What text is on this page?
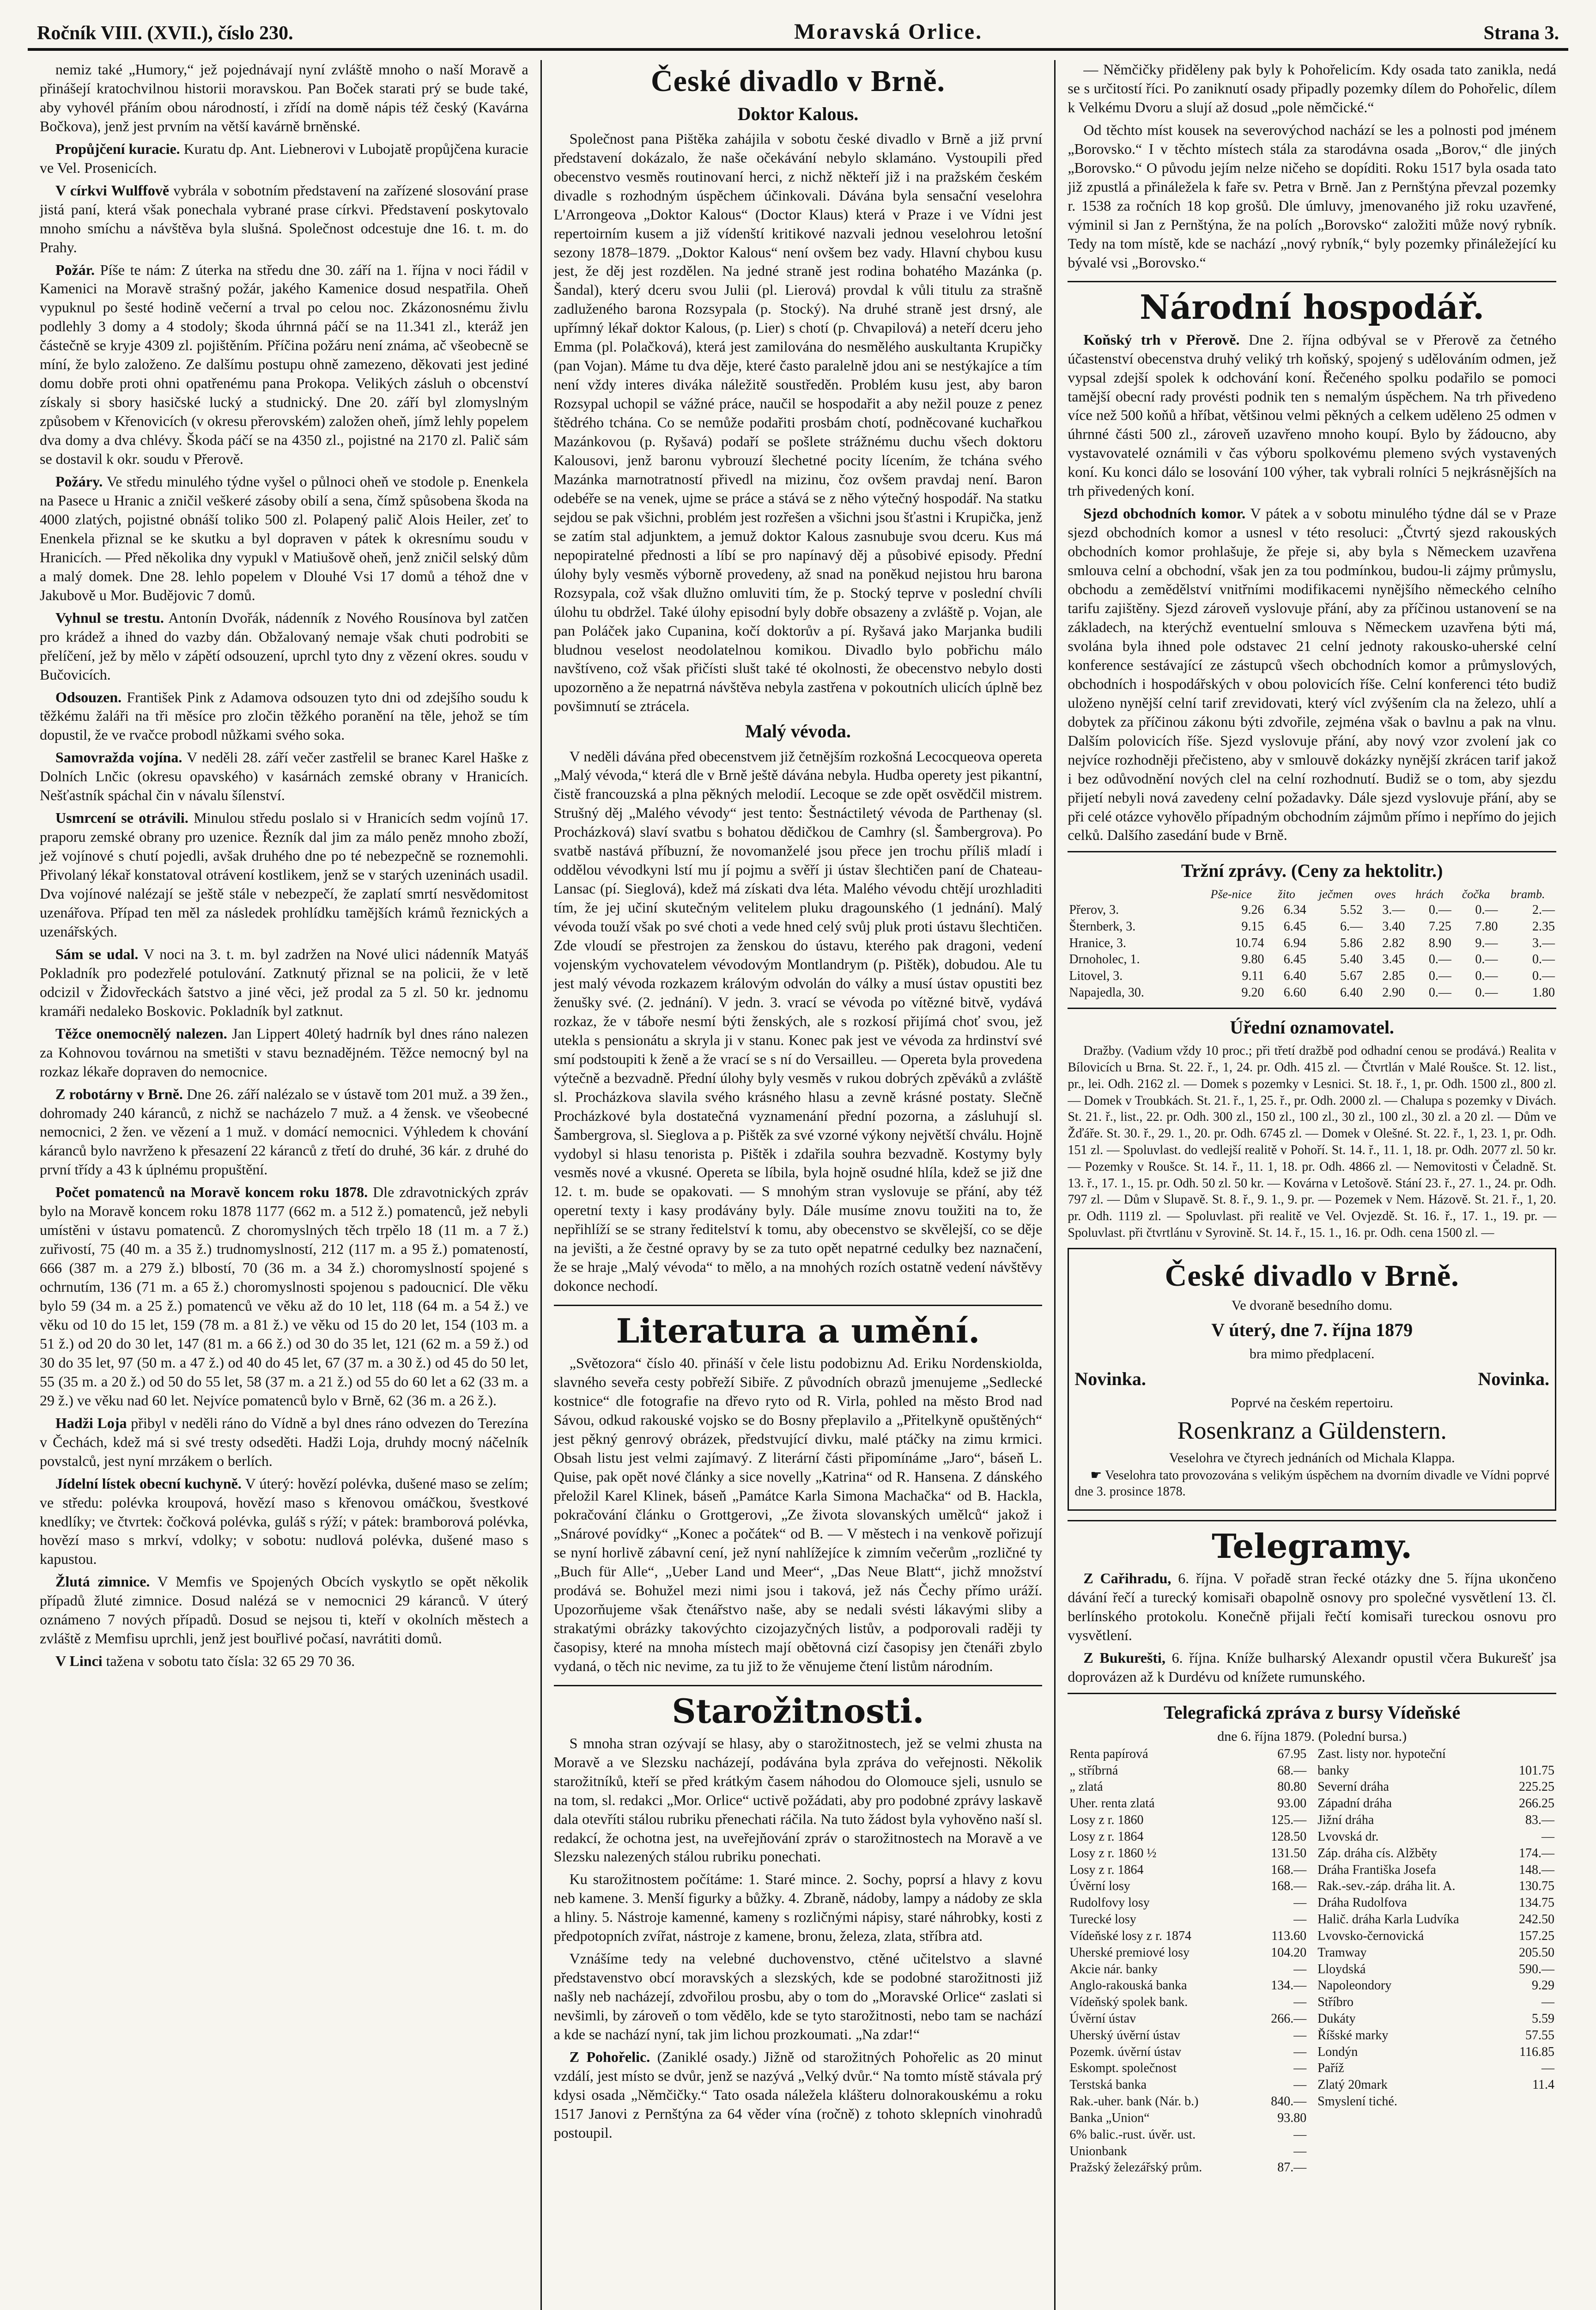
Ročník VIII. (XVII.), číslo 230.	Moravská Orlice.	Strana 3.

nemiz také „Humory,“ jež pojednávají nyní zvláště mnoho o naší Moravě a přinášejí kratochvilnou historii moravskou. Pan Boček starati prý se bude také, aby vyhovél přáním obou národností, i zřídí na domě nápis též český (Kavárna Bočkova), jenž jest prvním na větší kavárně brněnské.

Propůjčení kuracie. Kuratu dp. Ant. Liebnerovi v Lubojatě propůjčena kuracie ve Vel. Prosenicích.

V církvi Wulffově vybrála v sobotním představení na zařízené slosování prase jistá paní, která však ponechala vybrané prase církvi. Představení poskytovalo mnoho smíchu a návštěva byla slušná. Společnost odcestuje dne 16. t. m. do Prahy.

Požár. Píše te nám: Z úterka na středu dne 30. září na 1. října v noci řádil v Kamenici na Moravě strašný požár, jakého Kamenice dosud nespatřila. Oheň vypuknul po šesté hodině večerní a trval po celou noc. Zkázonosnému živlu podlehly 3 domy a 4 stodoly; škoda úhrnná páčí se na 11.341 zl., kteráž jen částečně se kryje 4309 zl. pojištěním. Příčina požáru není známa, ač všeobecně se míní, že bylo založeno. Ze dalšímu postupu ohně zamezeno, děkovati jest jediné domu dobře proti ohni opatřenému pana Prokopa. Velikých zásluh o obcenství získaly si sbory hasičské lucký a studnický. Dne 20. září byl zlomyslným způsobem v Křenovicích (v okresu přerovském) založen oheň, jímž lehly popelem dva domy a dva chlévy. Škoda páčí se na 4350 zl., pojistné na 2170 zl. Palič sám se dostavil k okr. soudu v Přerově.

Požáry. Ve středu minulého týdne vyšel o půlnoci oheň ve stodole p. Enenkela na Pasece u Hranic a zničil veškeré zásoby obilí a sena, čímž spůsobena škoda na 4000 zlatých, pojistné obnáší toliko 500 zl. Polapený palič Alois Heiler, zeť to Enenkela přiznal se ke skutku a byl dopraven v pátek k okresnímu soudu v Hranicích. — Před několika dny vypukl v Matiušově oheň, jenž zničil selský dům a malý domek. Dne 28. lehlo popelem v Dlouhé Vsi 17 domů a téhož dne v Jakubově u Mor. Budějovic 7 domů.

Vyhnul se trestu. Antonín Dvořák, nádenník z Nového Rousínova byl zatčen pro krádež a ihned do vazby dán. Obžalovaný nemaje však chuti podrobiti se přelíčení, jež by mělo v zápětí odsouzení, uprchl tyto dny z vězení okres. soudu v Bučovicích.

Odsouzen. František Pink z Adamova odsouzen tyto dni od zdejšího soudu k těžkému žaláři na tři měsíce pro zločin těžkého poranění na těle, jehož se tím dopustil, že ve rvačce probodl nůžkami svého soka.

Samovražda vojína. V neděli 28. září večer zastřelil se branec Karel Haške z Dolních Lnčic (okresu opavského) v kasárnách zemské obrany v Hranicích. Nešťastník spáchal čin v návalu šílenství.

Usmrcení se otrávili. Minulou středu poslalo si v Hranicích sedm vojínů 17. praporu zemské obrany pro uzenice. Řezník dal jim za málo peněz mnoho zboží, jež vojínové s chutí pojedli, avšak druhého dne po té nebezpečně se roznemohli. Přivolaný lékař konstatoval otrávení kostlikem, jenž se v starých uzeninách usadil. Dva vojínové nalézají se ještě stále v nebezpečí, že zaplatí smrtí nesvědomitost uzenářova. Případ ten měl za následek prohlídku tamějších krámů řeznických a uzenářských.

Sám se udal. V noci na 3. t. m. byl zadržen na Nové ulici nádenník Matyáš Pokladník pro podezřelé potulování. Zatknutý přiznal se na policii, že v letě odcizil v Židovřeckách šatstvo a jiné věci, jež prodal za 5 zl. 50 kr. jednomu kramáři nedaleko Boskovic. Pokladník byl zatknut.

Těžce onemocnělý nalezen. Jan Lippert 40letý hadrník byl dnes ráno nalezen za Kohnovou továrnou na smetišti v stavu beznadějném. Těžce nemocný byl na rozkaz lékaře dopraven do nemocnice.

Z robotárny v Brně. Dne 26. září nalézalo se v ústavě tom 201 muž. a 39 žen., dohromady 240 káranců, z nichž se nacházelo 7 muž. a 4 žensk. ve všeobecné nemocnici, 2 žen. ve vězení a 1 muž. v domácí nemocnici. Výhledem k chování káranců bylo navrženo k přesazení 22 káranců z třetí do druhé, 36 kár. z druhé do první třídy a 43 k úplnému propuštění.

Počet pomatenců na Moravě koncem roku 1878. Dle zdravotnických zpráv bylo na Moravě koncem roku 1878 1177 (662 m. a 512 ž.) pomatenců, jež nebyli umístěni v ústavu pomatenců. Z choromyslných těch trpělo 18 (11 m. a 7 ž.) zuřivostí, 75 (40 m. a 35 ž.) trudnomyslností, 212 (117 m. a 95 ž.) pomateností, 666 (387 m. a 279 ž.) blbostí, 70 (36 m. a 34 ž.) choromyslností spojené s ochrnutím, 136 (71 m. a 65 ž.) choromyslnosti spojenou s padoucnicí. Dle věku bylo 59 (34 m. a 25 ž.) pomatenců ve věku až do 10 let, 118 (64 m. a 54 ž.) ve věku od 10 do 15 let, 159 (78 m. a 81 ž.) ve věku od 15 do 20 let, 154 (103 m. a 51 ž.) od 20 do 30 let, 147 (81 m. a 66 ž.) od 30 do 35 let, 121 (62 m. a 59 ž.) od 30 do 35 let, 97 (50 m. a 47 ž.) od 40 do 45 let, 67 (37 m. a 30 ž.) od 45 do 50 let, 55 (35 m. a 20 ž.) od 50 do 55 let, 58 (37 m. a 21 ž.) od 55 do 60 let a 62 (33 m. a 29 ž.) ve věku nad 60 let. Nejvíce pomatenců bylo v Brně, 62 (36 m. a 26 ž.).

Hadži Loja přibyl v neděli ráno do Vídně a byl dnes ráno odvezen do Terezína v Čechách, kdež má si své tresty odseděti. Hadži Loja, druhdy mocný náčelník povstalců, jest nyní mrzákem o berlích.

Jídelní lístek obecní kuchyně. V úterý: hovězí polévka, dušené maso se zelím; ve středu: polévka kroupová, hovězí maso s křenovou omáčkou, švestkové knedlíky; ve čtvrtek: čočková polévka, guláš s rýží; v pátek: bramborová polévka, hovězí maso s mrkví, vdolky; v sobotu: nudlová polévka, dušené maso s kapustou.

Žlutá zimnice. V Memfis ve Spojených Obcích vyskytlo se opět několik případů žluté zimnice. Dosud nalézá se v nemocnici 29 káranců. V úterý oznámeno 7 nových případů. Dosud se nejsou ti, kteří v okolních městech a zvláště z Memfisu uprchli, jenž jest bouřlivé počasí, navrátiti domů.

V Linci tažena v sobotu tato čísla: 32 65 29 70 36.

České divadlo v Brně.
Doktor Kalous.

Společnost pana Pištěka zahájila v sobotu české divadlo v Brně a již první představení dokázalo, že naše očekávání nebylo sklamáno. Vystoupili před obecenstvo vesměs routinovaní herci, z nichž někteří již i na pražském českém divadle s rozhodným úspěchem účinkovali. Dávána byla sensační veselohra L'Arrongeova „Doktor Kalous“ (Doctor Klaus) která v Praze i ve Vídni jest repertoirním kusem a již vídenští kritikové nazvali jednou veselohrou letošní sezony 1878–1879. „Doktor Kalous“ není ovšem bez vady. Hlavní chybou kusu jest, že děj jest rozdělen. Na jedné straně jest rodina bohatého Mazánka (p. Šandal), který dceru svou Julii (pl. Lierová) provdal k vůli titulu za strašně zadluženého barona Rozsypala (p. Stocký). Na druhé straně jest drsný, ale upřímný lékař doktor Kalous, (p. Lier) s chotí (p. Chvapilová) a neteří dceru jeho Emma (pl. Polačková), která jest zamilována do nesmělého auskultanta Krupičky (pan Vojan). Máme tu dva děje, které často paralelně jdou ani se nestýkajíce a tím není vždy interes diváka náležitě soustředěn. Problém kusu jest, aby baron Rozsypal uchopil se vážné práce, naučil se hospodařit a aby nežil pouze z penez štědrého tchána. Co se nemůže podařiti prosbám chotí, podněcované kuchařkou Mazánkovou (p. Ryšavá) podaří se pošlete strážnému duchu všech doktoru Kalousovi, jenž baronu vybrouzí šlechetné pocity lícením, že tchána svého Mazánka marnotratností přivedl na mizinu, čoz ovšem pravdaj není. Baron odebéře se na venek, ujme se práce a stává se z něho výtečný hospodář. Na statku sejdou se pak všichni, problém jest rozřešen a všichni jsou šťastni i Krupička, jenž se zatím stal adjunktem, a jemuž doktor Kalous zasnubuje svou dceru. Kus má nepopiratelné přednosti a líbí se pro napínavý děj a působivé episody. Přední úlohy byly vesměs výborně provedeny, až snad na poněkud nejistou hru barona Rozsypala, což však dlužno omluviti tím, že p. Stocký teprve v poslední chvíli úlohu tu obdržel. Také úlohy episodní byly dobře obsazeny a zvláště p. Vojan, ale pan Poláček jako Cupanina, kočí doktorův a pí. Ryšavá jako Marjanka budili bludnou veselost neodolatelnou komikou. Divadlo bylo pobřichu málo navštíveno, což však přičísti slušt také té okolnosti, že obecenstvo nebylo dosti upozorněno a že nepatrná návštěva nebyla zastřena v pokoutních ulicích úplně bez povšimnutí se ztrácela.

Malý vévoda.

V neděli dávána před obecenstvem již četnějším rozkošná Lecocqueova opereta „Malý vévoda,“ která dle v Brně ještě dávána nebyla. Hudba operety jest pikantní, čistě francouzská a plna pěkných melodií. Lecoque se zde opět osvědčil mistrem. Strušný děj „Malého vévody“ jest tento: Šestnáctiletý vévoda de Parthenay (sl. Procházková) slaví svatbu s bohatou dědičkou de Camhry (sl. Šambergrova). Po svatbě nastává příbuzní, že novomanželé jsou přece jen trochu příliš mladí i oddělou vévodkyni lstí mu jí pojmu a svěří ji ústav šlechtičen paní de Chateau-Lansac (pí. Sieglová), kdež má získati dva léta. Malého vévodu chtějí urozhladiti tím, že jej učiní skutečným velitelem pluku dragounského (1 jednání). Malý vévoda touží však po své choti a vede hned celý svůj pluk proti ústavu šlechtičen. Zde vloudí se přestrojen za ženskou do ústavu, kterého pak dragoni, vedení vojenským vychovatelem vévodovým Montlandrym (p. Pištěk), dobudou. Ale tu jest malý vévoda rozkazem královým odvolán do války a musí ústav opustiti bez ženušky své. (2. jednání). V jedn. 3. vrací se vévoda po vítězné bitvě, vydává rozkaz, že v táboře nesmí býti ženských, ale s rozkosí přijímá choť svou, jež utekla s pensionátu a skryla ji v stanu. Konec pak jest ve vévoda za hrdinství své smí podstoupiti k ženě a že vrací se s ní do Versailleu. — Opereta byla provedena výtečně a bezvadně. Přední úlohy byly vesměs v rukou dobrých zpěváků a zvláště sl. Procházkova slavila svého krásného hlasu a zevně krásné postaty. Slečně Procházkové byla dostatečná vyznamenání přední pozorna, a zásluhují sl. Šambergrova, sl. Sieglova a p. Pištěk za své vzorné výkony největší chválu. Hojně vydobyl si hlasu tenorista p. Pištěk i zdařila souhra bezvadně. Kostymy byly vesměs nové a vkusné. Opereta se líbila, byla hojně osudné hlíla, kdež se již dne 12. t. m. bude se opakovati. — S mnohým stran vyslovuje se přání, aby též operetní texty i kasy prodávány byly. Dále musíme znovu toužiti na to, že nepřihlíží se se strany ředitelství k tomu, aby obecenstvo se skvělejší, co se děje na jevišti, a že čestné opravy by se za tuto opět nepatrné cedulky bez naznačení, že se hraje „Malý vévoda“ to mělo, a na mnohých rozích ostatně vedení návštěvy dokonce nechodí.

Literatura a umění.

„Světozora“ číslo 40. přináší v čele listu podobiznu Ad. Eriku Nordenskiolda, slavného seveřa cesty pobřeží Sibiře. Z původních obrazů jmenujeme „Sedlecké kostnice“ dle fotografie na dřevo ryto od R. Virla, pohled na město Brod nad Sávou, odkud rakouské vojsko se do Bosny přeplavilo a „Přitelkyně opuštěných“ jest pěkný genrový obrázek, předstvující divku, malé ptáčky na zimu krmici. Obsah listu jest velmi zajímavý. Z literární části připomínáme „Jaro“, báseň L. Quise, pak opět nové články a sice novelly „Katrina“ od R. Hansena. Z dánského přeložil Karel Klinek, báseň „Památce Karla Simona Machačka“ od B. Hackla, pokračování článku o Grottgerovi, „Ze života slovanských umělců“ jakož i „Snárové povídky“ „Konec a počátek“ od B. — V městech i na venkově pořizují se nyní horlivě zábavní cení, jež nyní nahlížejíce k zimním večerům „rozličné ty „Buch für Alle“, „Ueber Land und Meer“, „Das Neue Blatt“, jichž množství prodává se. Bohužel mezi nimi jsou i taková, jež nás Čechy přímo uráží. Upozorňujeme však čtenářstvo naše, aby se nedali svésti lákavými sliby a strakatými obrázky takovýchto cizojazyčných listův, a podporovali raději ty časopisy, které na mnoha místech mají obětovná cizí časopisy jen čtenáři zbylo vydaná, o těch nic nevime, za tu již to že věnujeme čtení listům národním.

Starožitnosti.

S mnoha stran ozývají se hlasy, aby o starožitnostech, jež se velmi zhusta na Moravě a ve Slezsku nacházejí, podávána byla zpráva do veřejnosti. Několik starožitníků, kteří se před krátkým časem náhodou do Olomouce sjeli, usnulo se na tom, sl. redakci „Mor. Orlice“ uctivě požádati, aby pro podobné zprávy laskavě dala otevříti stálou rubriku přenechati ráčila. Na tuto žádost byla vyhověno naší sl. redakcí, že ochotna jest, na uveřejňování zpráv o starožitnostech na Moravě a ve Slezsku nalezených stálou rubriku ponechati.

Ku starožitnostem počítáme: 1. Staré mince. 2. Sochy, poprsí a hlavy z kovu neb kamene. 3. Menší figurky a bůžky. 4. Zbraně, nádoby, lampy a nádoby ze skla a hliny. 5. Nástroje kamenné, kameny s rozličnými nápisy, staré náhrobky, kosti z předpotopních zvířat, nástroje z kamene, bronu, železa, zlata, stříbra atd.

Vznášíme tedy na velebné duchovenstvo, ctěné učitelstvo a slavné představenstvo obcí moravských a slezských, kde se podobné starožitnosti již našly neb nacházejí, zdvořilou prosbu, aby o tom do „Moravské Orlice“ zaslati si nevšimli, by zároveň o tom vědělo, kde se tyto starožitnosti, nebo tam se nachází a kde se nachází nyní, tak jim lichou prozkoumati. „Na zdar!“

Z Pohořelic. (Zaniklé osady.) Jižně od starožitných Pohořelic as 20 minut vzdálí, jest místo se dvůr, jenž se nazývá „Velký dvůr.“ Na tomto místě stávala prý kdysi osada „Němčičky.“ Tato osada náležela klášteru dolnorakouskému a roku 1517 Janovi z Pernštýna za 64 věder vína (ročně) z tohoto sklepních vinohradů postoupil.

— Němčičky přiděleny pak byly k Pohořelicím. Kdy osada tato zanikla, nedá se s určitostí říci. Po zaniknutí osady připadly pozemky dílem do Pohořelic, dílem k Velkému Dvoru a slují až dosud „pole němčické.“

Od těchto míst kousek na severovýchod nachází se les a polnosti pod jménem „Borovsko.“ I v těchto místech stála za starodávna osada „Borov,“ dle jiných „Borovsko.“ O původu jejím nelze ničeho se dopíditi. Roku 1517 byla osada tato již zpustlá a přináležela k faře sv. Petra v Brně. Jan z Pernštýna převzal pozemky r. 1538 za ročních 18 kop grošů. Dle úmluvy, jmenovaného již roku uzavřené, výminil si Jan z Pernštýna, že na polích „Borovsko“ založiti může nový rybník. Tedy na tom místě, kde se nachází „nový rybník,“ byly pozemky přináležející ku bývalé vsi „Borovsko.“

Národní hospodář.

Koňský trh v Přerově. Dne 2. října odbýval se v Přerově za četného účastenství obecenstva druhý veliký trh koňský, spojený s udělováním odmen, jež vypsal zdejší spolek k odchování koní. Řečeného spolku podařilo se pomoci tamější obecní rady provésti podnik ten s nemalým úspěchem. Na trh přivedeno více než 500 koňů a hříbat, většinou velmi pěkných a celkem uděleno 25 odmen v úhrnné části 500 zl., zároveň uzavřeno mnoho koupí. Bylo by žádoucno, aby vystavovatelé oznámili v čas výboru spolkovému plemeno svých vystavených koní. Ku konci dálo se losování 100 výher, tak vybrali rolníci 5 nejkrásnějších na trh přivedených koní.

Sjezd obchodních komor. V pátek a v sobotu minulého týdne dál se v Praze sjezd obchodních komor a usnesl v této resoluci: „Čtvrtý sjezd rakouských obchodních komor prohlašuje, že přeje si, aby byla s Německem uzavřena smlouva celní a obchodní, však jen za tou podmínkou, budou-li zájmy průmyslu, obchodu a zemědělství vnitřními modifikacemi nynějšího německého celního tarifu zajištěny. Sjezd zároveň vyslovuje přání, aby za příčinou ustanovení se na základech, na kterýchž eventuelní smlouva s Německem uzavřena býti má, svolána byla ihned pole odstavec 21 celní jednoty rakousko-uherské celní konference sestávající ze zástupců všech obchodních komor a průmyslových, obchodních i hospodářských v obou polovicích říše. Celní konferenci této budiž uloženo nynější celní tarif zrevidovati, který vícl zvýšením cla na železo, uhlí a dobytek za příčinou zákonu býti zdvořile, zejména však o bavlnu a pak na vlnu. Dalším polovicích říše. Sjezd vyslovuje přání, aby nový vzor zvolení jak co nejvíce rozhodněji přečisteno, aby v smlouvě dokázky nynější zkrácen tarif jakož i bez odůvodnění nových clel na celní rozhodnutí. Budiž se o tom, aby sjezdu přijetí nebyli nová zavedeny celní požadavky. Dále sjezd vyslovuje přání, aby se při celé otázce vyhovělo případným obchodním zájmům přímo i nepřímo do jejich celků. Dalšího zasedání bude v Brně.

Tržní zprávy. (Ceny za hektolitr.)
	Pše-nice	žito	ječmen	oves	hrách	čočka	bramb.
Přerov, 3.	9.26	6.34	5.52	3.—	0.—	0.—	2.—
Šternberk, 3.	9.15	6.45	6.—	3.40	7.25	7.80	2.35
Hranice, 3.	10.74	6.94	5.86	2.82	8.90	9.—	3.—
Drnoholec, 1.	9.80	6.45	5.40	3.45	0.—	0.—	0.—
Litovel, 3.	9.11	6.40	5.67	2.85	0.—	0.—	0.—
Napajedla, 30.	9.20	6.60	6.40	2.90	0.—	0.—	1.80
Úřední oznamovatel.

Dražby. (Vadium vždy 10 proc.; při třetí dražbě pod odhadní cenou se prodává.) Realita v Bílovicích u Brna. St. 22. ř., 1, 24. pr. Odh. 415 zl. — Čtvrtlán v Malé Roušce. St. 12. list., pr., lei. Odh. 2162 zl. — Domek s pozemky v Lesnici. St. 18. ř., 1, pr. Odh. 1500 zl., 800 zl. — Domek v Troubkách. St. 21. ř., 1, 25. ř., pr. Odh. 2000 zl. — Chalupa s pozemky v Divách. St. 21. ř., list., 22. pr. Odh. 300 zl., 150 zl., 100 zl., 30 zl., 100 zl., 30 zl. a 20 zl. — Dům ve Žďáře. St. 30. ř., 29. 1., 20. pr. Odh. 6745 zl. — Domek v Olešné. St. 22. ř., 1, 23. 1, pr. Odh. 151 zl. — Spoluvlast. do vedlejší realitě v Pohoří. St. 14. ř., 11. 1, 18. pr. Odh. 2077 zl. 50 kr. — Pozemky v Roušce. St. 14. ř., 11. 1, 18. pr. Odh. 4866 zl. — Nemovitosti v Čeladně. St. 13. ř., 17. 1., 15. pr. Odh. 50 zl. 50 kr. — Kovárna v Letošově. Stání 23. ř., 27. 1., 24. pr. Odh. 797 zl. — Dům v Slupavě. St. 8. ř., 9. 1., 9. pr. — Pozemek v Nem. Házově. St. 21. ř., 1, 20. pr. Odh. 1119 zl. — Spoluvlast. při realitě ve Vel. Ovjezdě. St. 16. ř., 17. 1., 19. pr. — Spoluvlast. při čtvrtlánu v Syrovině. St. 14. ř., 15. 1., 16. pr. Odh. cena 1500 zl. —

České divadlo v Brně.
Ve dvoraně besedního domu.
V úterý, dne 7. října 1879
bra mimo předplacení.
Novinka.	Novinka.
Poprvé na českém repertoiru.
Rosenkranz a Güldenstern.
Veselohra ve čtyrech jednáních od Michala Klappa.

☛ Veselohra tato provozována s velikým úspěchem na dvorním divadle ve Vídni poprvé dne 3. prosince 1878.

Telegramy.

Z Cařihradu, 6. října. V pořadě stran řecké otázky dne 5. října ukončeno dávání řečí a turecký komisaři obapolně osnovy pro společné vysvětlení 13. čl. berlínského protokolu. Konečně přijali řečtí komisaři tureckou osnovu pro vysvětlení.

Z Bukurešti, 6. října. Kníže bulharský Alexandr opustil včera Bukurešť jsa doprovázen až k Durdévu od knížete rumunského.

Telegrafická zpráva z bursy Vídeňské
dne 6. října 1879. (Polední bursa.)
Renta papírová	67.95
„ stříbrná	68.—
„ zlatá	80.80
Uher. renta zlatá	93.00
Losy z r. 1860	125.—
Losy z r. 1864	128.50
Losy z r. 1860 ½	131.50
Losy z r. 1864	168.—
Úvěrní losy	168.—
Rudolfovy losy	—
Turecké losy	—
Vídeňské losy z r. 1874	113.60
Uherské premiové losy	104.20
Akcie nár. banky	—
Anglo-rakouská banka	134.—
Vídeňský spolek bank.	—
Úvěrní ústav	266.—
Uherský úvěrní ústav	—
Pozemk. úvěrní ústav	—
Eskompt. společnost	—
Terstská banka	—
Rak.-uher. bank (Nár. b.)	840.—
Banka „Union“	93.80
6% balic.-rust. úvěr. ust.	—
Unionbank	—
Pražský železářský prům.	87.—
Zast. listy nor. hypoteční	
banky	101.75
Severní dráha	225.25
Západní dráha	266.25
Jižní dráha	83.—
Lvovská dr.	—
Záp. dráha cís. Alžběty	174.—
Dráha Františka Josefa	148.—
Rak.-sev.-záp. dráha lit. A.	130.75
Dráha Rudolfova	134.75
Halič. dráha Karla Ludvíka	242.50
Lvovsko-černovická	157.25
Tramway	205.50
Lloydská	590.—
Napoleondory	9.29
Stříbro	—
Dukáty	5.59
Říšské marky	57.55
Londýn	116.85
Paříž	—
Zlatý 20mark	11.4
Smyslení tiché.	
